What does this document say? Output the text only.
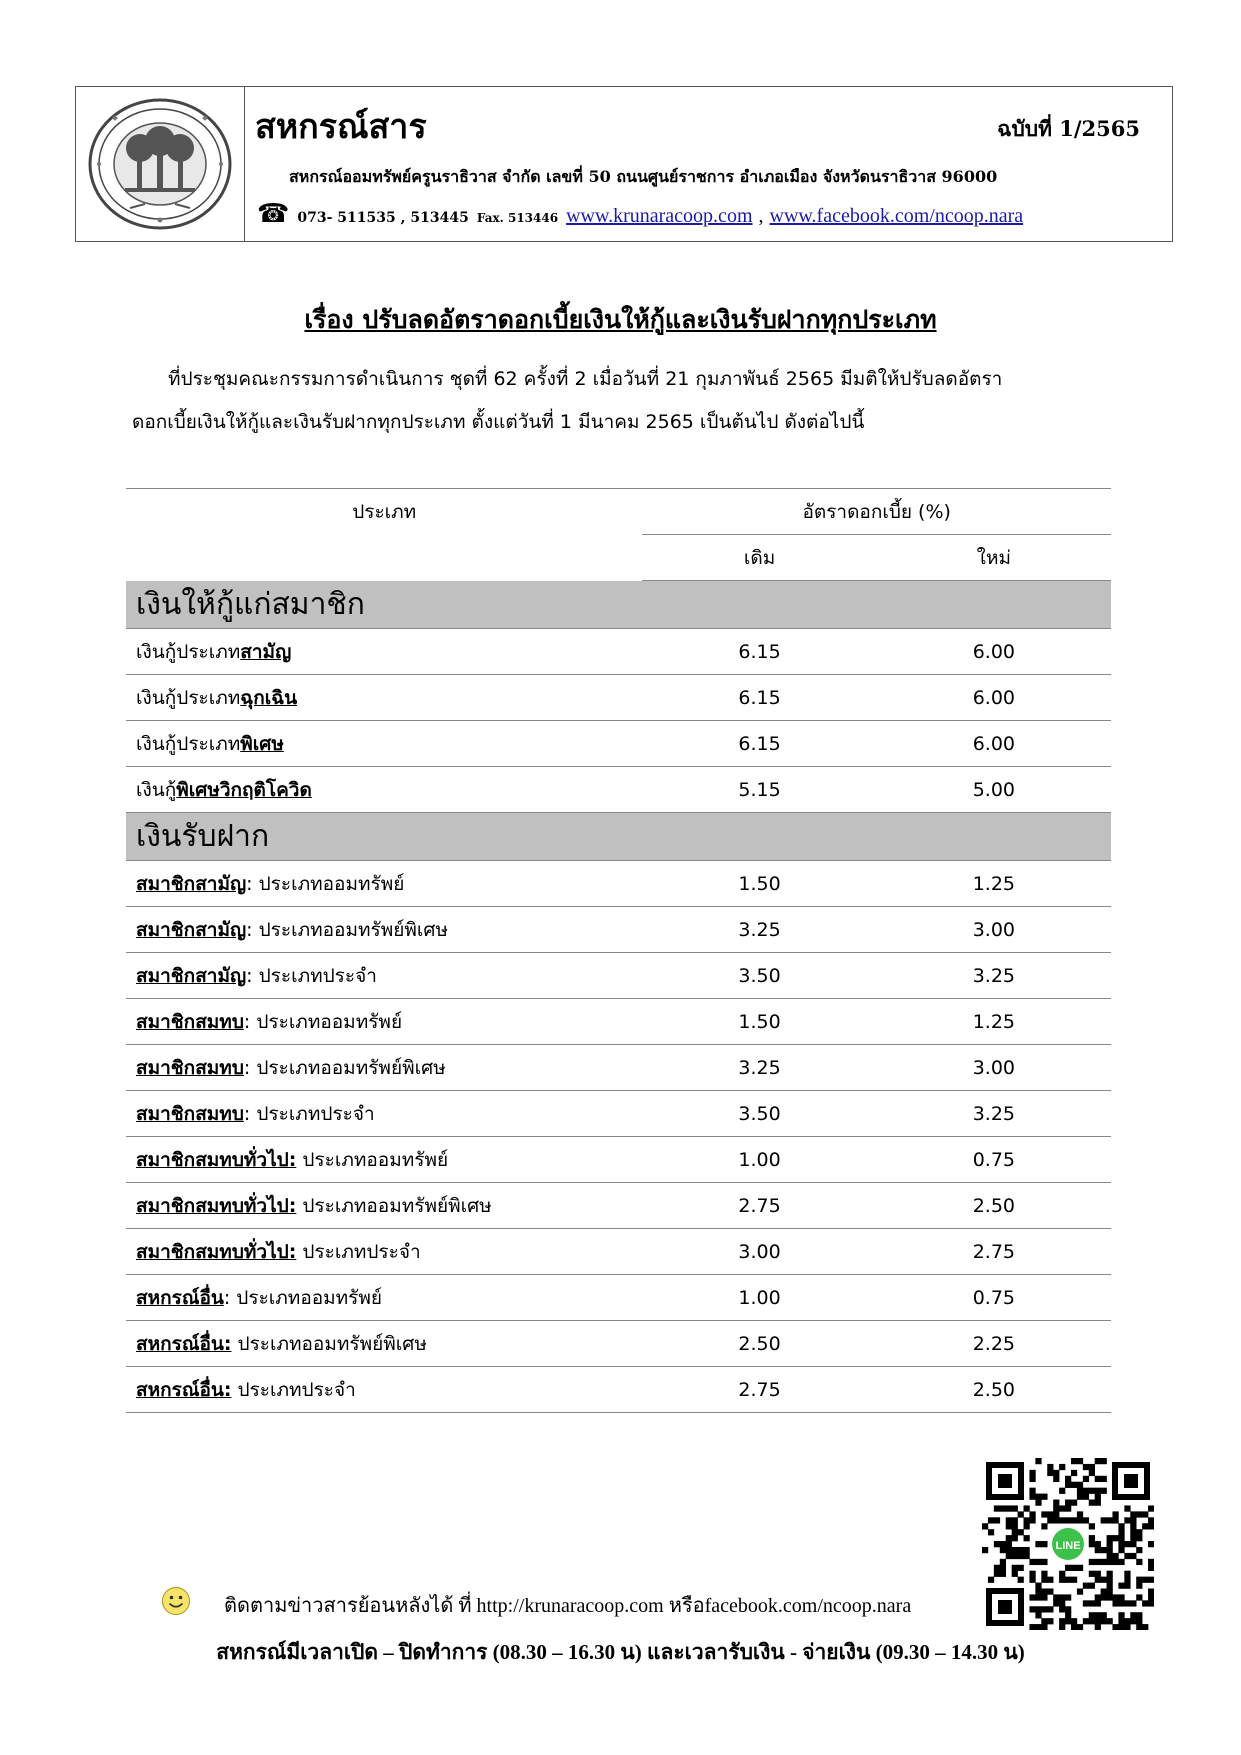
สหกรณ์สาร	ฉบับที่ 1/2565
สหกรณ์ออมทรัพย์ครูนราธิวาส จำกัด เลขที่ 50 ถนนศูนย์ราชการ อำเภอเมือง จังหวัดนราธิวาส 96000
☎ 073- 511535 , 513445 Fax. 513446 www.krunaracoop.com , www.facebook.com/ncoop.nara
เรื่อง ปรับลดอัตราดอกเบี้ยเงินให้กู้และเงินรับฝากทุกประเภท
ที่ประชุมคณะกรรมการดำเนินการ ชุดที่ 62 ครั้งที่ 2 เมื่อวันที่ 21 กุมภาพันธ์ 2565 มีมติให้ปรับลดอัตรา
ดอกเบี้ยเงินให้กู้และเงินรับฝากทุกประเภท ตั้งแต่วันที่ 1 มีนาคม 2565 เป็นต้นไป ดังต่อไปนี้
ประเภท	อัตราดอกเบี้ย (%)	
	เดิม	ใหม่
เงินให้กู้แก่สมาชิก		
เงินกู้ประเภทสามัญ	6.15	6.00
เงินกู้ประเภทฉุกเฉิน	6.15	6.00
เงินกู้ประเภทพิเศษ	6.15	6.00
เงินกู้พิเศษวิกฤติโควิด	5.15	5.00
เงินรับฝาก		
สมาชิกสามัญ: ประเภทออมทรัพย์	1.50	1.25
สมาชิกสามัญ: ประเภทออมทรัพย์พิเศษ	3.25	3.00
สมาชิกสามัญ: ประเภทประจำ	3.50	3.25
สมาชิกสมทบ: ประเภทออมทรัพย์	1.50	1.25
สมาชิกสมทบ: ประเภทออมทรัพย์พิเศษ	3.25	3.00
สมาชิกสมทบ: ประเภทประจำ	3.50	3.25
สมาชิกสมทบทั่วไป: ประเภทออมทรัพย์	1.00	0.75
สมาชิกสมทบทั่วไป: ประเภทออมทรัพย์พิเศษ	2.75	2.50
สมาชิกสมทบทั่วไป: ประเภทประจำ	3.00	2.75
สหกรณ์อื่น: ประเภทออมทรัพย์	1.00	0.75
สหกรณ์อื่น: ประเภทออมทรัพย์พิเศษ	2.50	2.25
สหกรณ์อื่น: ประเภทประจำ	2.75	2.50
LINE
ติดตามข่าวสารย้อนหลังได้ ที่ http://krunaracoop.com หรือfacebook.com/ncoop.nara
สหกรณ์มีเวลาเปิด – ปิดทำการ (08.30 – 16.30 น) และเวลารับเงิน - จ่ายเงิน (09.30 – 14.30 น)
